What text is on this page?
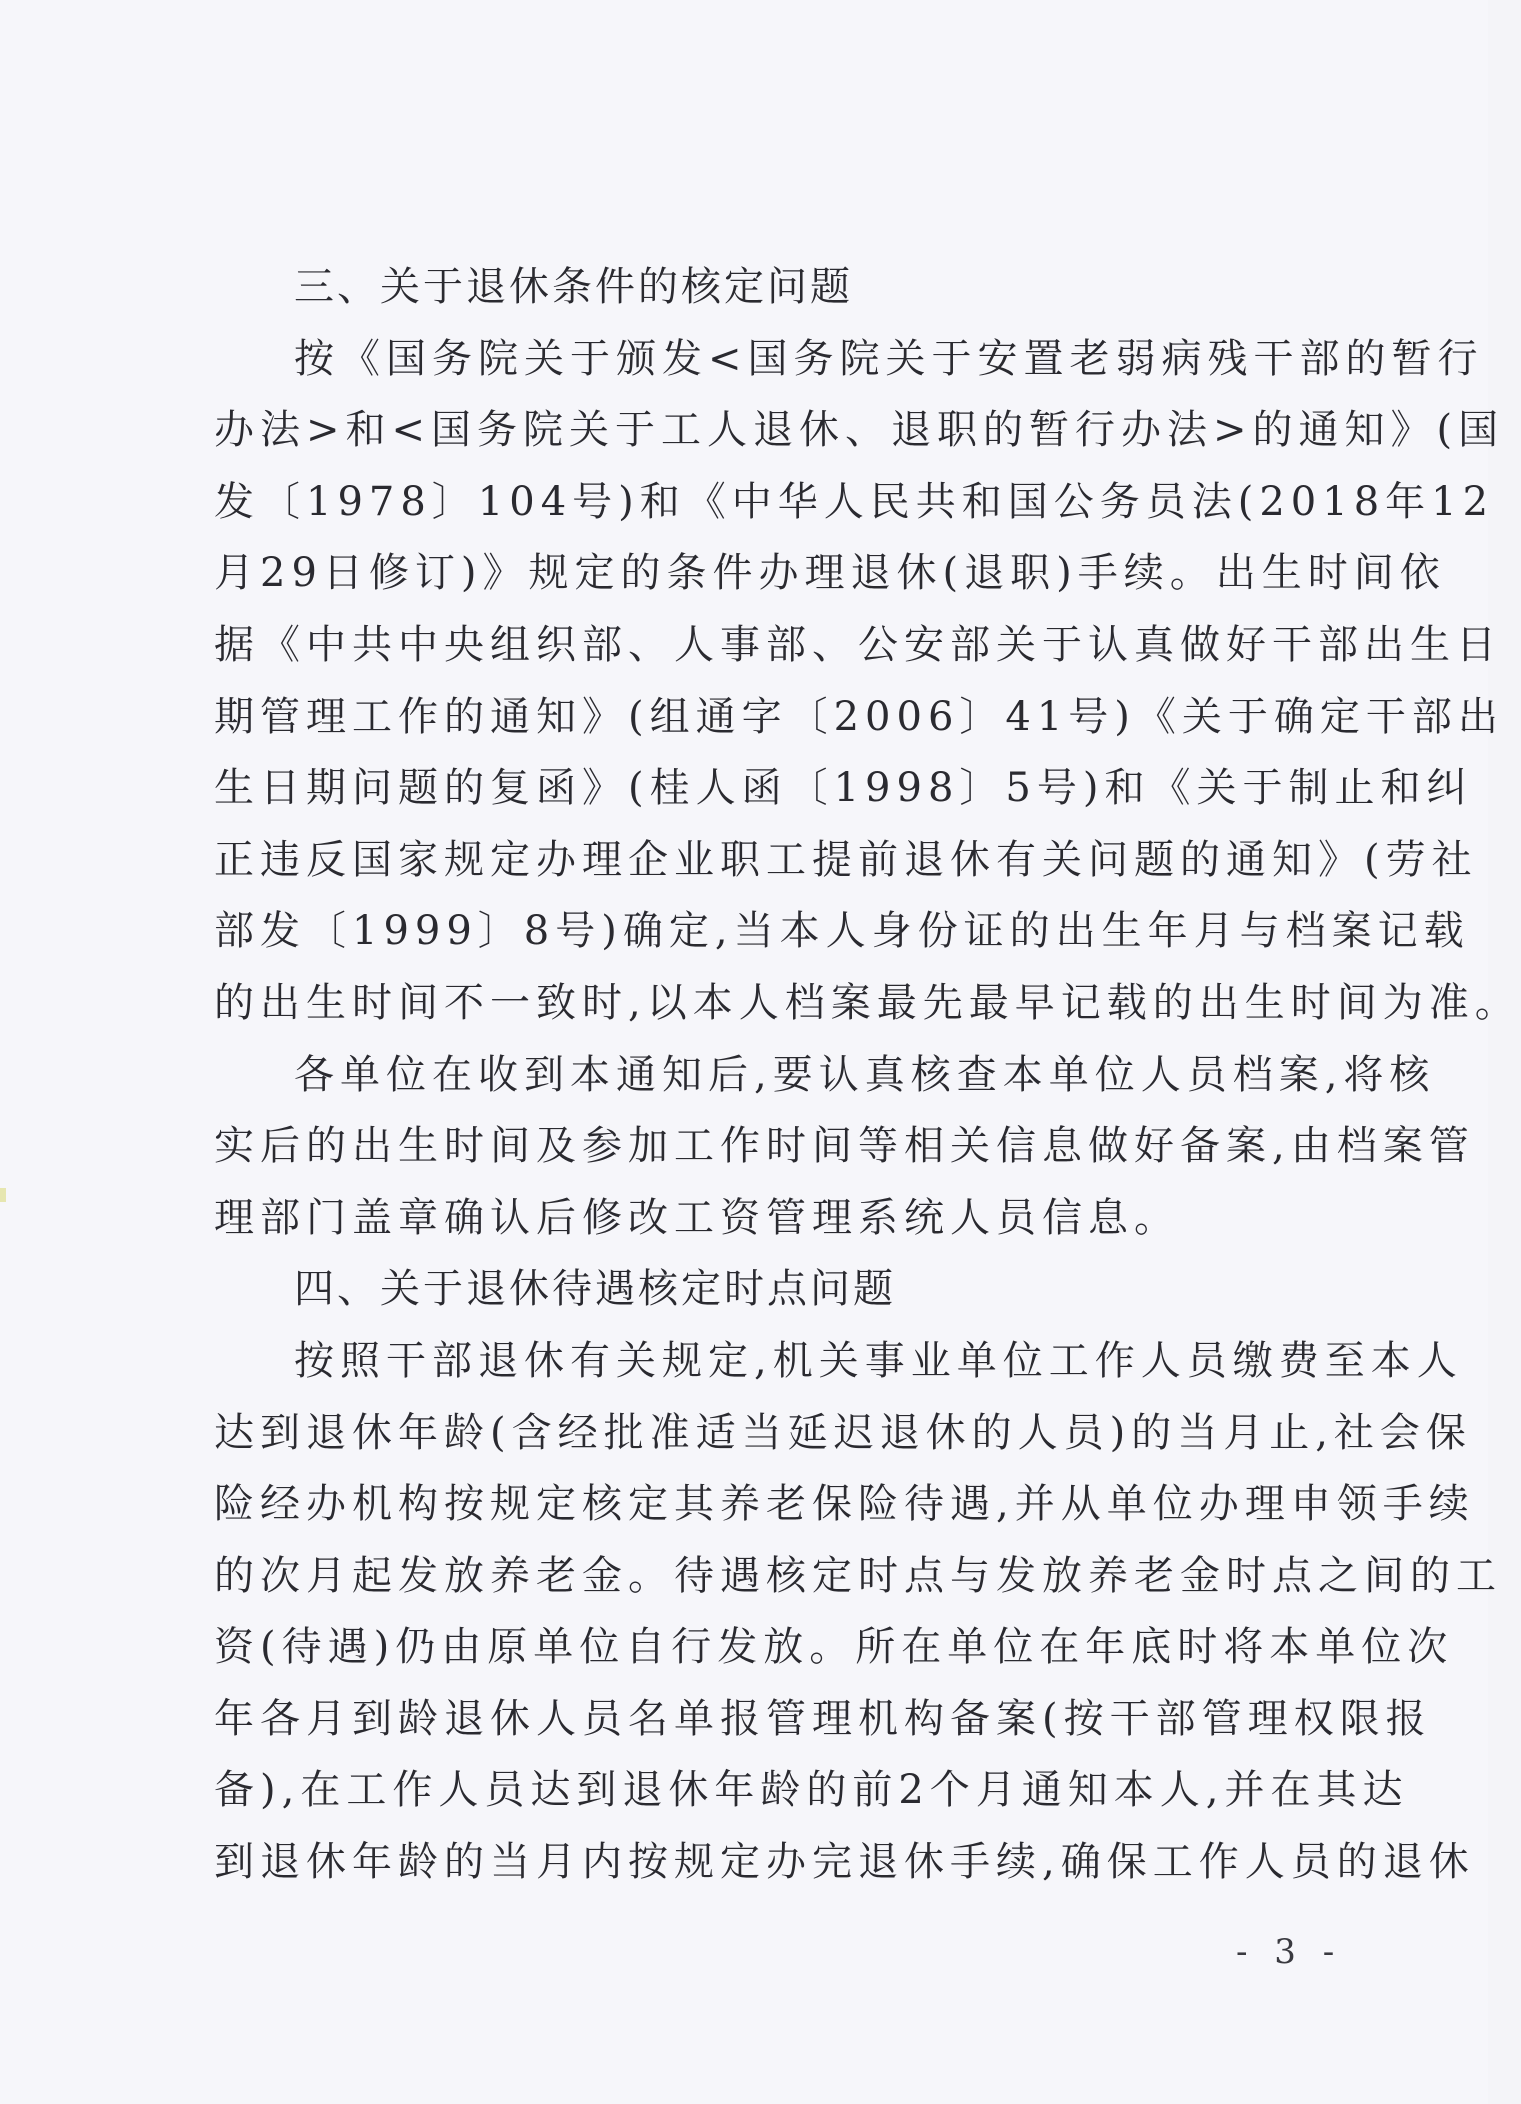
三、关于退休条件的核定问题
按《国务院关于颁发<国务院关于安置老弱病残干部的暂行
办法>和<国务院关于工人退休、退职的暂行办法>的通知》(国
发〔1978〕104号)和《中华人民共和国公务员法(2018年12
月29日修订)》规定的条件办理退休(退职)手续。出生时间依
据《中共中央组织部、人事部、公安部关于认真做好干部出生日
期管理工作的通知》(组通字〔2006〕41号)《关于确定干部出
生日期问题的复函》(桂人函〔1998〕5号)和《关于制止和纠
正违反国家规定办理企业职工提前退休有关问题的通知》(劳社
部发〔1999〕8号)确定,当本人身份证的出生年月与档案记载
的出生时间不一致时,以本人档案最先最早记载的出生时间为准。
各单位在收到本通知后,要认真核查本单位人员档案,将核
实后的出生时间及参加工作时间等相关信息做好备案,由档案管
理部门盖章确认后修改工资管理系统人员信息。
四、关于退休待遇核定时点问题
按照干部退休有关规定,机关事业单位工作人员缴费至本人
达到退休年龄(含经批准适当延迟退休的人员)的当月止,社会保
险经办机构按规定核定其养老保险待遇,并从单位办理申领手续
的次月起发放养老金。待遇核定时点与发放养老金时点之间的工
资(待遇)仍由原单位自行发放。所在单位在年底时将本单位次
年各月到龄退休人员名单报管理机构备案(按干部管理权限报
备),在工作人员达到退休年龄的前2个月通知本人,并在其达
到退休年龄的当月内按规定办完退休手续,确保工作人员的退休
- 3 -
